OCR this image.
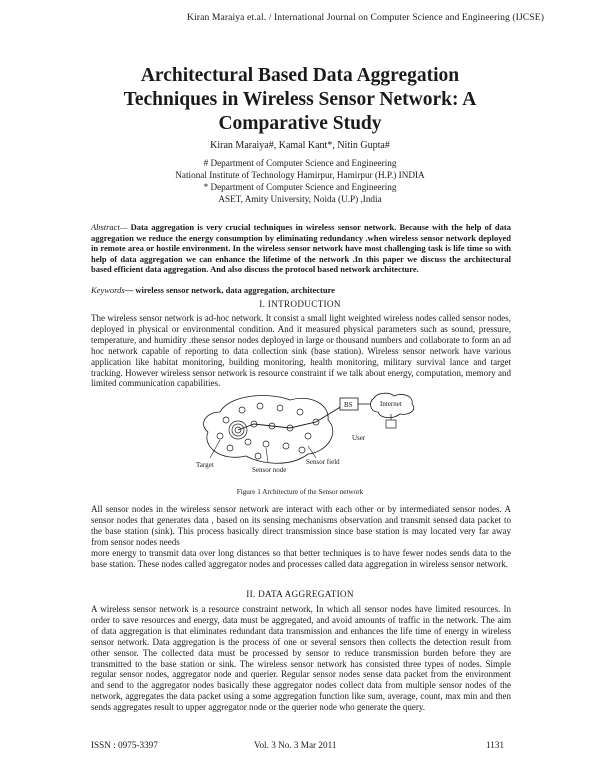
Kiran Maraiya et.al. / International Journal on Computer Science and Engineering (IJCSE)
Architectural Based Data Aggregation
Techniques in Wireless Sensor Network: A
Comparative Study
Kiran Maraiya#, Kamal Kant*, Nitin Gupta#
# Department of Computer Science and Engineering
National Institute of Technology Hamirpur, Hamirpur (H.P.) INDIA
* Department of Computer Science and Engineering
ASET, Amity University, Noida (U.P) ,India
Abstract— Data aggregation is very crucial techniques in wireless sensor network. Because with the help of data aggregation we reduce the energy consumption by eliminating redundancy .when wireless sensor network deployed in remote area or hostile environment. In the wireless sensor network have most challenging task is life time so with help of data aggregation we can enhance the lifetime of the network .In this paper we discuss the architectural based efficient data aggregation. And also discuss the protocol based network architecture.
Keywords— wireless sensor network, data aggregation, architecture
I. INTRODUCTION
The wireless sensor network is ad-hoc network. It consist a small light weighted wireless nodes called sensor nodes, deployed in physical or environmental condition. And it measured physical parameters such as sound, pressure, temperature, and humidity .these sensor nodes deployed in large or thousand numbers and collaborate to form an ad hoc network capable of reporting to data collection sink (base station). Wireless sensor network have various application like habitat monitoring, building monitoring, health monitoring, military survival lance and target tracking. However wireless sensor network is resource constraint if we talk about energy, computation, memory and limited communication capabilities.
BS	Internet
User
Sensor field
Sensor node
Target
Figure 1 Architecture of the Sensor network
All sensor nodes in the wireless sensor network are interact with each other or by intermediated sensor nodes. A sensor nodes that generates data , based on its sensing mechanisms observation and transmit sensed data packet to the base station (sink). This process basically direct transmission since base station is may located very far away from sensor nodes needs
more energy to transmit data over long distances so that better techniques is to have fewer nodes sends data to the base station. These nodes called aggregator nodes and processes called data aggregation in wireless sensor network.
II. DATA AGGREGATION
A wireless sensor network is a resource constraint network, In which all sensor nodes have limited resources. In order to save resources and energy, data must be aggregated, and avoid amounts of traffic in the network. The aim of data aggregation is that eliminates redundant data transmission and enhances the life time of energy in wireless sensor network. Data aggregation is the process of one or several sensors then collects the detection result from other sensor. The collected data must be processed by sensor to reduce transmission burden before they are transmitted to the base station or sink. The wireless sensor network has consisted three types of nodes. Simple regular sensor nodes, aggregator node and querier. Regular sensor nodes sense data packet from the environment and send to the aggregator nodes basically these aggregator nodes collect data from multiple sensor nodes of the network, aggregates the data packet using a some aggregation function like sum, average, count, max min and then sends aggregates result to upper aggregator node or the querier node who generate the query.
ISSN : 0975-3397	Vol. 3 No. 3 Mar 2011	1131
